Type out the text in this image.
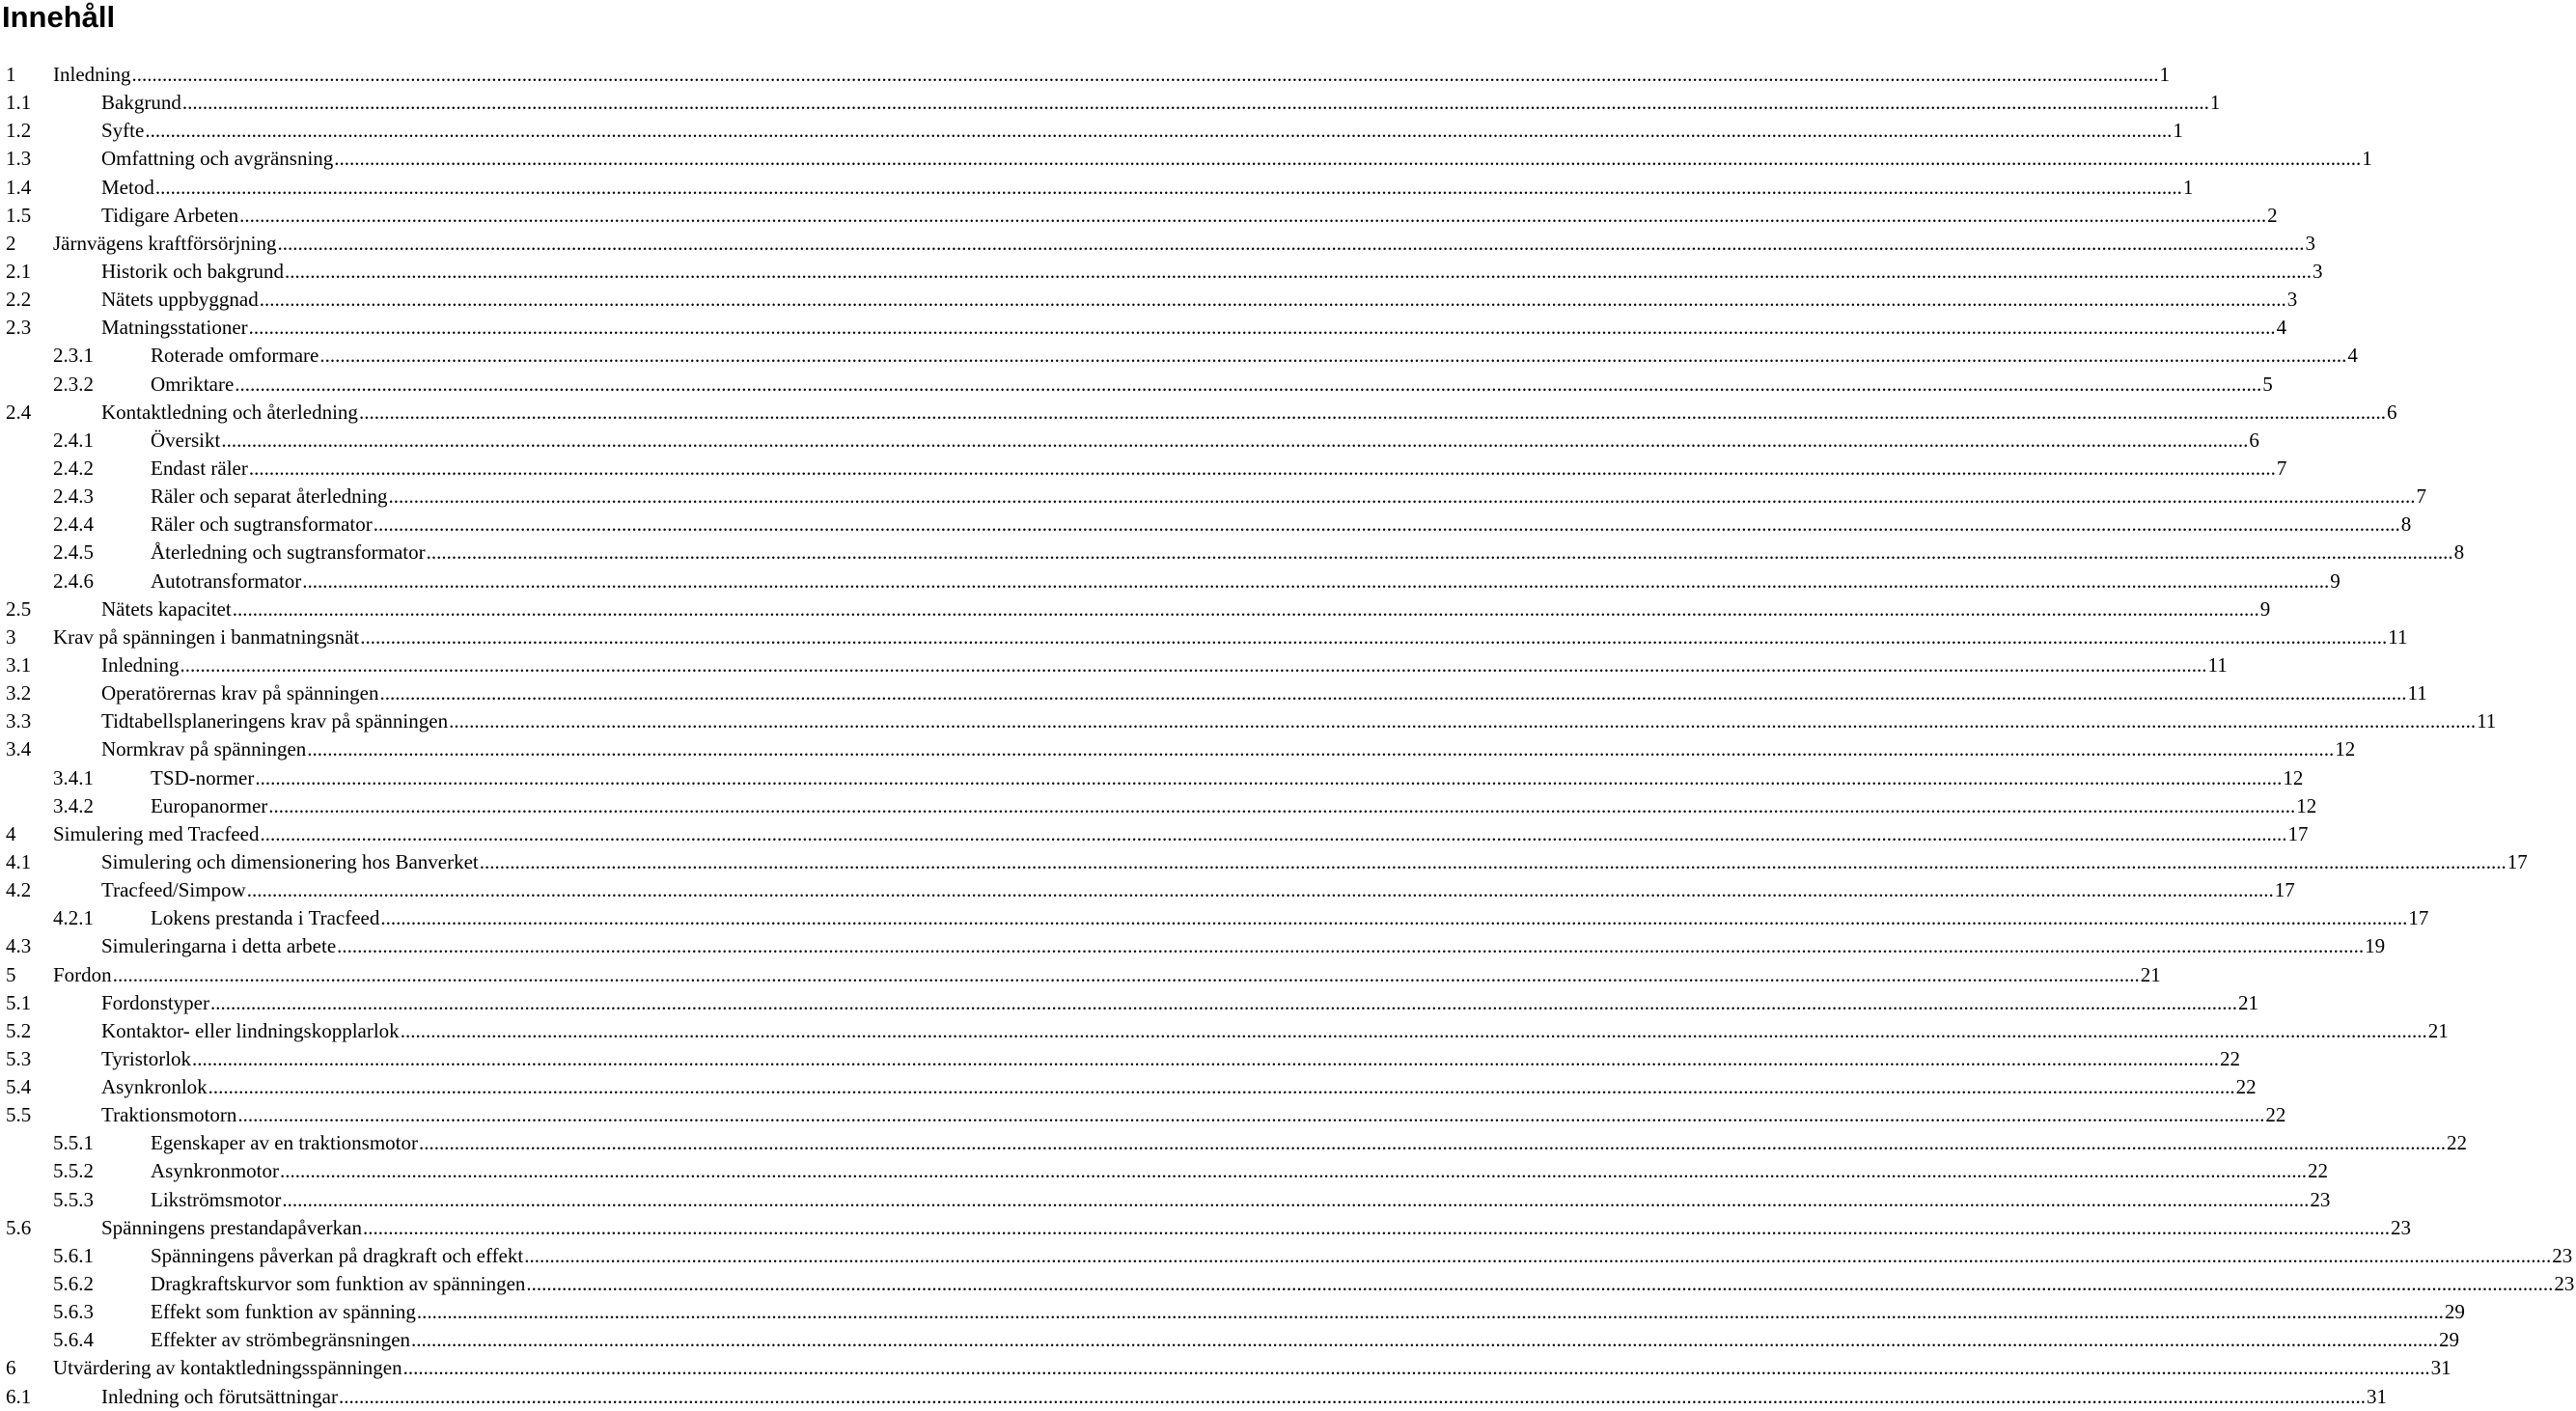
Innehåll
1 Inledning ................................................................................................................................................................................................................................................................................................................................................................................................................ 1
1.1	Bakgrund ................................................................................................................................................................................................................................................................................................................................................................................................................ 1
1.2	Syfte ................................................................................................................................................................................................................................................................................................................................................................................................................ 1
1.3	Omfattning och avgränsning ................................................................................................................................................................................................................................................................................................................................................................................................................ 1
1.4	Metod ................................................................................................................................................................................................................................................................................................................................................................................................................ 1
1.5	Tidigare Arbeten ................................................................................................................................................................................................................................................................................................................................................................................................................ 2
2 Järnvägens kraftförsörjning ................................................................................................................................................................................................................................................................................................................................................................................................................ 3
2.1	Historik och bakgrund ................................................................................................................................................................................................................................................................................................................................................................................................................ 3
2.2	Nätets uppbyggnad ................................................................................................................................................................................................................................................................................................................................................................................................................ 3
2.3	Matningsstationer ................................................................................................................................................................................................................................................................................................................................................................................................................ 4
2.3.1	Roterade omformare ................................................................................................................................................................................................................................................................................................................................................................................................................ 4
2.3.2	Omriktare ................................................................................................................................................................................................................................................................................................................................................................................................................ 5
2.4	Kontaktledning och återledning ................................................................................................................................................................................................................................................................................................................................................................................................................ 6
2.4.1	Översikt ................................................................................................................................................................................................................................................................................................................................................................................................................ 6
2.4.2	Endast räler ................................................................................................................................................................................................................................................................................................................................................................................................................ 7
2.4.3	Räler och separat återledning ................................................................................................................................................................................................................................................................................................................................................................................................................ 7
2.4.4	Räler och sugtransformator ................................................................................................................................................................................................................................................................................................................................................................................................................ 8
2.4.5	Återledning och sugtransformator ................................................................................................................................................................................................................................................................................................................................................................................................................ 8
2.4.6	Autotransformator ................................................................................................................................................................................................................................................................................................................................................................................................................ 9
2.5	Nätets kapacitet ................................................................................................................................................................................................................................................................................................................................................................................................................ 9
3 Krav på spänningen i banmatningsnät ................................................................................................................................................................................................................................................................................................................................................................................................................ 11
3.1	Inledning ................................................................................................................................................................................................................................................................................................................................................................................................................ 11
3.2	Operatörernas krav på spänningen ................................................................................................................................................................................................................................................................................................................................................................................................................ 11
3.3	Tidtabellsplaneringens krav på spänningen ................................................................................................................................................................................................................................................................................................................................................................................................................ 11
3.4	Normkrav på spänningen ................................................................................................................................................................................................................................................................................................................................................................................................................ 12
3.4.1	TSD-normer ................................................................................................................................................................................................................................................................................................................................................................................................................ 12
3.4.2	Europanormer ................................................................................................................................................................................................................................................................................................................................................................................................................ 12
4 Simulering med Tracfeed ................................................................................................................................................................................................................................................................................................................................................................................................................ 17
4.1	Simulering och dimensionering hos Banverket ................................................................................................................................................................................................................................................................................................................................................................................................................ 17
4.2	Tracfeed/Simpow ................................................................................................................................................................................................................................................................................................................................................................................................................ 17
4.2.1	Lokens prestanda i Tracfeed ................................................................................................................................................................................................................................................................................................................................................................................................................ 17
4.3	Simuleringarna i detta arbete ................................................................................................................................................................................................................................................................................................................................................................................................................ 19
5 Fordon ................................................................................................................................................................................................................................................................................................................................................................................................................ 21
5.1	Fordonstyper ................................................................................................................................................................................................................................................................................................................................................................................................................ 21
5.2	Kontaktor- eller lindningskopplarlok ................................................................................................................................................................................................................................................................................................................................................................................................................ 21
5.3	Tyristorlok ................................................................................................................................................................................................................................................................................................................................................................................................................ 22
5.4	Asynkronlok ................................................................................................................................................................................................................................................................................................................................................................................................................ 22
5.5	Traktionsmotorn ................................................................................................................................................................................................................................................................................................................................................................................................................ 22
5.5.1	Egenskaper av en traktionsmotor ................................................................................................................................................................................................................................................................................................................................................................................................................ 22
5.5.2	Asynkronmotor ................................................................................................................................................................................................................................................................................................................................................................................................................ 22
5.5.3	Likströmsmotor ................................................................................................................................................................................................................................................................................................................................................................................................................ 23
5.6	Spänningens prestandapåverkan ................................................................................................................................................................................................................................................................................................................................................................................................................ 23
5.6.1	Spänningens påverkan på dragkraft och effekt ................................................................................................................................................................................................................................................................................................................................................................................................................ 23
5.6.2	Dragkraftskurvor som funktion av spänningen ................................................................................................................................................................................................................................................................................................................................................................................................................ 23
5.6.3	Effekt som funktion av spänning ................................................................................................................................................................................................................................................................................................................................................................................................................ 29
5.6.4	Effekter av strömbegränsningen ................................................................................................................................................................................................................................................................................................................................................................................................................ 29
6 Utvärdering av kontaktledningsspänningen ................................................................................................................................................................................................................................................................................................................................................................................................................ 31
6.1	Inledning och förutsättningar ................................................................................................................................................................................................................................................................................................................................................................................................................ 31
